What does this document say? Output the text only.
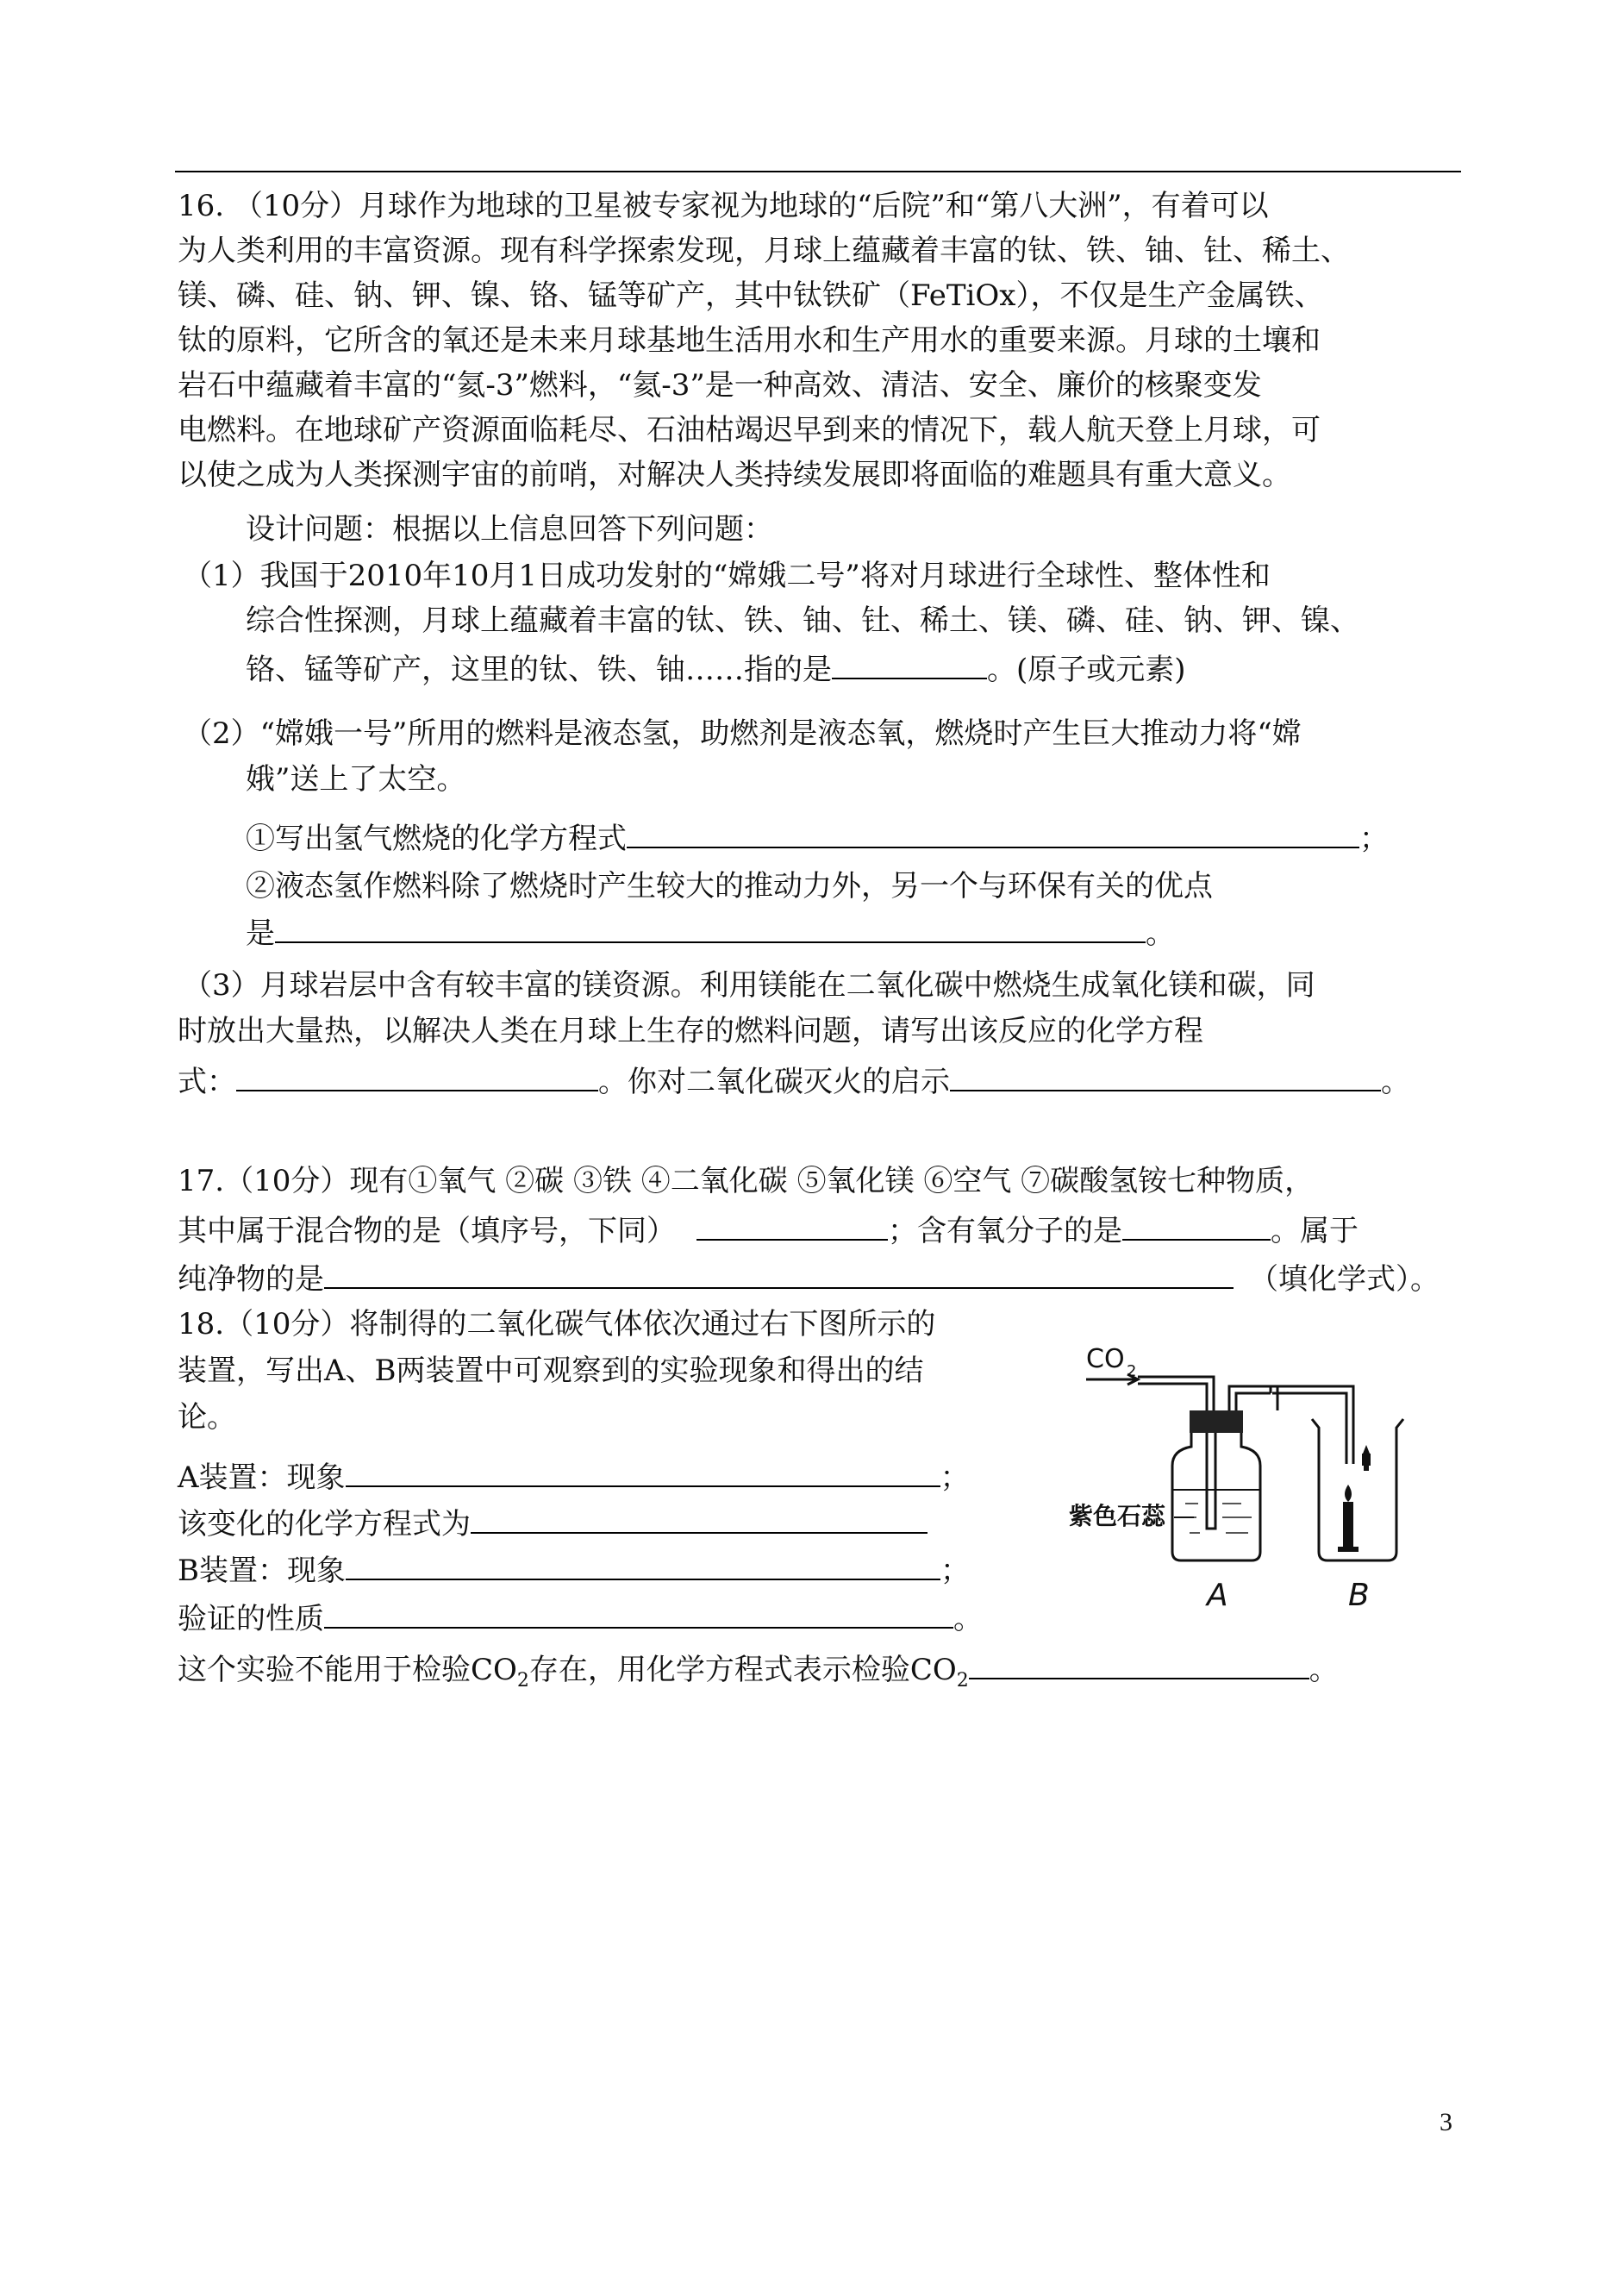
16. （10分）月球作为地球的卫星被专家视为地球的“后院”和“第八大洲”，有着可以
为人类利用的丰富资源。现有科学探索发现，月球上蕴藏着丰富的钛、铁、铀、钍、稀土、
镁、磷、硅、钠、钾、镍、铬、锰等矿产，其中钛铁矿（FeTiOx），不仅是生产金属铁、
钛的原料，它所含的氧还是未来月球基地生活用水和生产用水的重要来源。月球的土壤和
岩石中蕴藏着丰富的“氦-3”燃料，“氦-3”是一种高效、清洁、安全、廉价的核聚变发
电燃料。在地球矿产资源面临耗尽、石油枯竭迟早到来的情况下，载人航天登上月球，可
以使之成为人类探测宇宙的前哨，对解决人类持续发展即将面临的难题具有重大意义。
设计问题：根据以上信息回答下列问题：
（1）我国于2010年10月1日成功发射的“嫦娥二号”将对月球进行全球性、整体性和
综合性探测，月球上蕴藏着丰富的钛、铁、铀、钍、稀土、镁、磷、硅、钠、钾、镍、
铬、锰等矿产，这里的钛、铁、铀……指的是	。(原子或元素)
（2）“嫦娥一号”所用的燃料是液态氢，助燃剂是液态氧，燃烧时产生巨大推动力将“嫦
娥”送上了太空。
①写出氢气燃烧的化学方程式	；
②液态氢作燃料除了燃烧时产生较大的推动力外，另一个与环保有关的优点
是	。
（3）月球岩层中含有较丰富的镁资源。利用镁能在二氧化碳中燃烧生成氧化镁和碳，同
时放出大量热，以解决人类在月球上生存的燃料问题，请写出该反应的化学方程
式：	。你对二氧化碳灭火的启示	。
17.（10分）现有①氧气 ②碳 ③铁 ④二氧化碳 ⑤氧化镁 ⑥空气 ⑦碳酸氢铵七种物质，
其中属于混合物的是（填序号，下同）	；含有氧分子的是	。属于
纯净物的是	（填化学式）。
18.（10分）将制得的二氧化碳气体依次通过右下图所示的
装置，写出A、B两装置中可观察到的实验现象和得出的结
论。
A装置：现象	；
该变化的化学方程式为
B装置：现象	；
验证的性质	。
这个实验不能用于检验$CO_2$存在，用化学方程式表示检验$CO_2$	。
CO 2
紫色石蕊
A	B
3
